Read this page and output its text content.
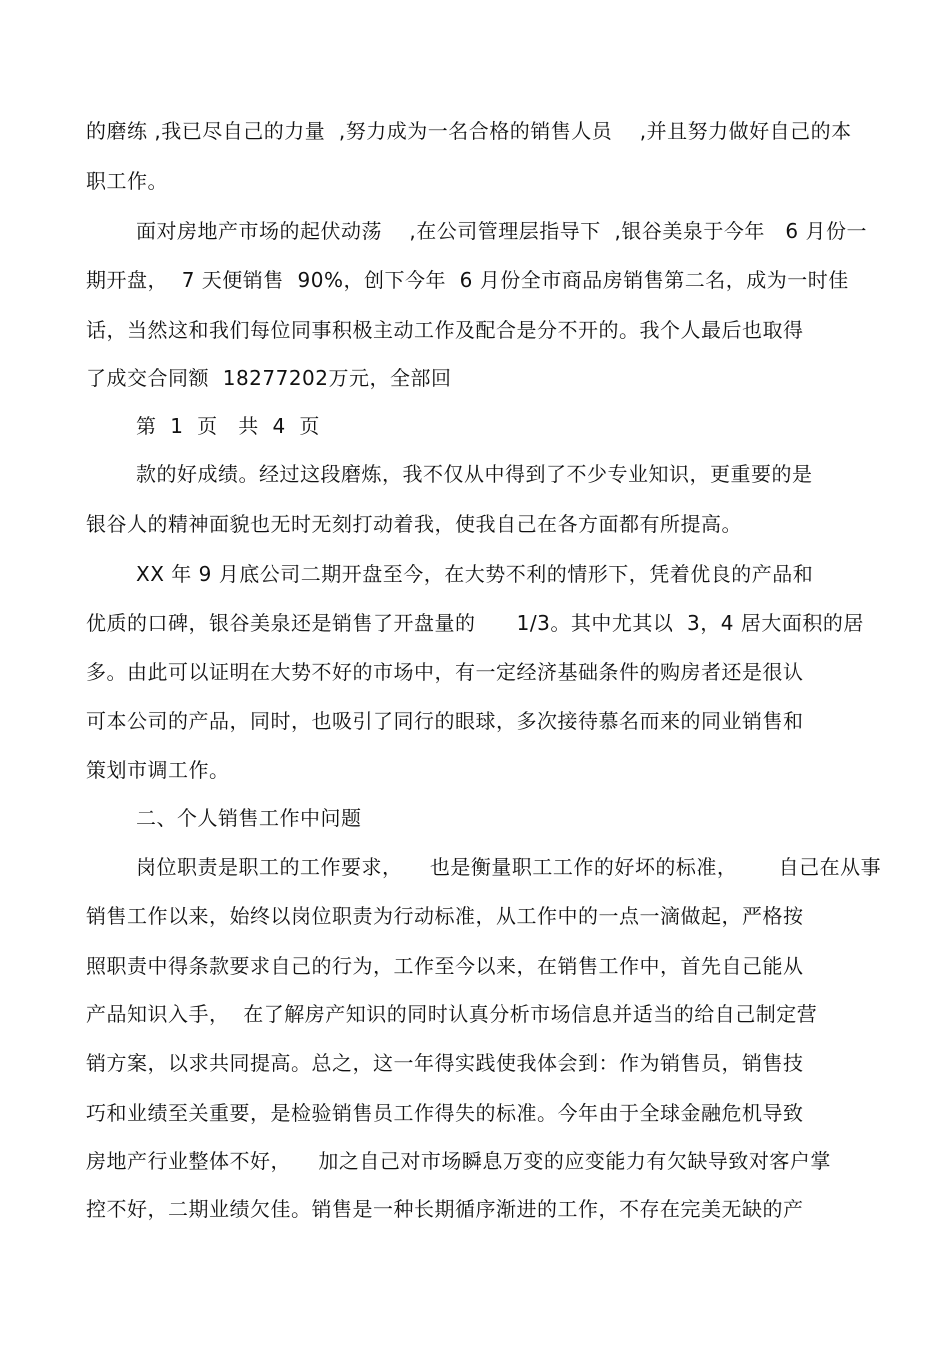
的磨练 ,我已尽自己的力量  ,努力成为一名合格的销售人员    ,并且努力做好自己的本
职工作。
面对房地产市场的起伏动荡    ,在公司管理层指导下  ,银谷美泉于今年   6 月份一
期开盘，  7 天便销售  90%，创下今年  6 月份全市商品房销售第二名，成为一时佳
话，当然这和我们每位同事积极主动工作及配合是分不开的。我个人最后也取得
了成交合同额  18277202万元，全部回
第  1  页   共  4  页
款的好成绩。经过这段磨炼，我不仅从中得到了不少专业知识，更重要的是
银谷人的精神面貌也无时无刻打动着我，使我自己在各方面都有所提高。
XX 年 9 月底公司二期开盘至今，在大势不利的情形下，凭着优良的产品和
优质的口碑，银谷美泉还是销售了开盘量的      1/3。其中尤其以  3，4 居大面积的居
多。由此可以证明在大势不好的市场中，有一定经济基础条件的购房者还是很认
可本公司的产品，同时，也吸引了同行的眼球，多次接待慕名而来的同业销售和
策划市调工作。
二、个人销售工作中问题
岗位职责是职工的工作要求，    也是衡量职工工作的好坏的标准，      自己在从事
销售工作以来，始终以岗位职责为行动标准，从工作中的一点一滴做起，严格按
照职责中得条款要求自己的行为，工作至今以来，在销售工作中，首先自己能从
产品知识入手，  在了解房产知识的同时认真分析市场信息并适当的给自己制定营
销方案，以求共同提高。总之，这一年得实践使我体会到：作为销售员，销售技
巧和业绩至关重要，是检验销售员工作得失的标准。今年由于全球金融危机导致
房地产行业整体不好，    加之自己对市场瞬息万变的应变能力有欠缺导致对客户掌
控不好，二期业绩欠佳。销售是一种长期循序渐进的工作，不存在完美无缺的产
